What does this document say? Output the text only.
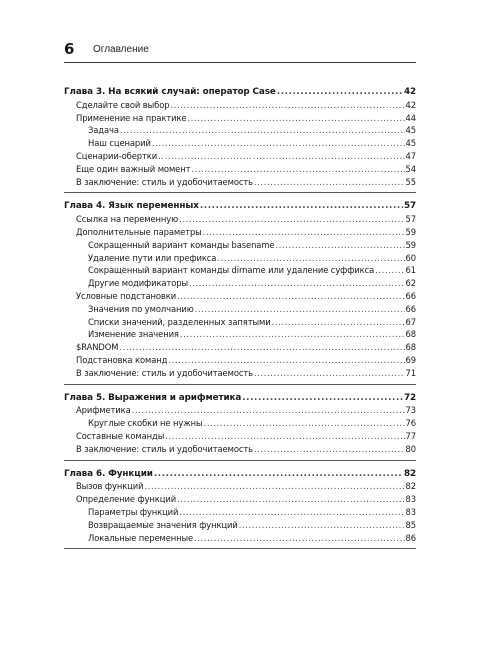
6 Оглавление
Глава 3. На всякий случай: оператор Case .....	42
Сделайте свой выбор .....	42
Применение на практике .....	44
Задача .....	45
Наш сценарий .....	45
Сценарии-обертки .....	47
Еще один важный момент .....	54
В заключение: стиль и удобочитаемость .....	55
Глава 4. Язык переменных .....	57
Ссылка на переменную .....	57
Дополнительные параметры .....	59
Сокращенный вариант команды basename .....	59
Удаление пути или префикса .....	60
Сокращенный вариант команды dirname или удаление суффикса .....	61
Другие модификаторы .....	62
Условные подстановки .....	66
Значения по умолчанию .....	66
Списки значений, разделенных запятыми .....	67
Изменение значения .....	68
$RANDOM .....	68
Подстановка команд .....	69
В заключение: стиль и удобочитаемость .....	71
Глава 5. Выражения и арифметика .....	72
Арифметика .....	73
Круглые скобки не нужны .....	76
Составные команды .....	77
В заключение: стиль и удобочитаемость .....	80
Глава 6. Функции .....	82
Вызов функций .....	82
Определение функций .....	83
Параметры функций .....	83
Возвращаемые значения функций .....	85
Локальные переменные .....	86
